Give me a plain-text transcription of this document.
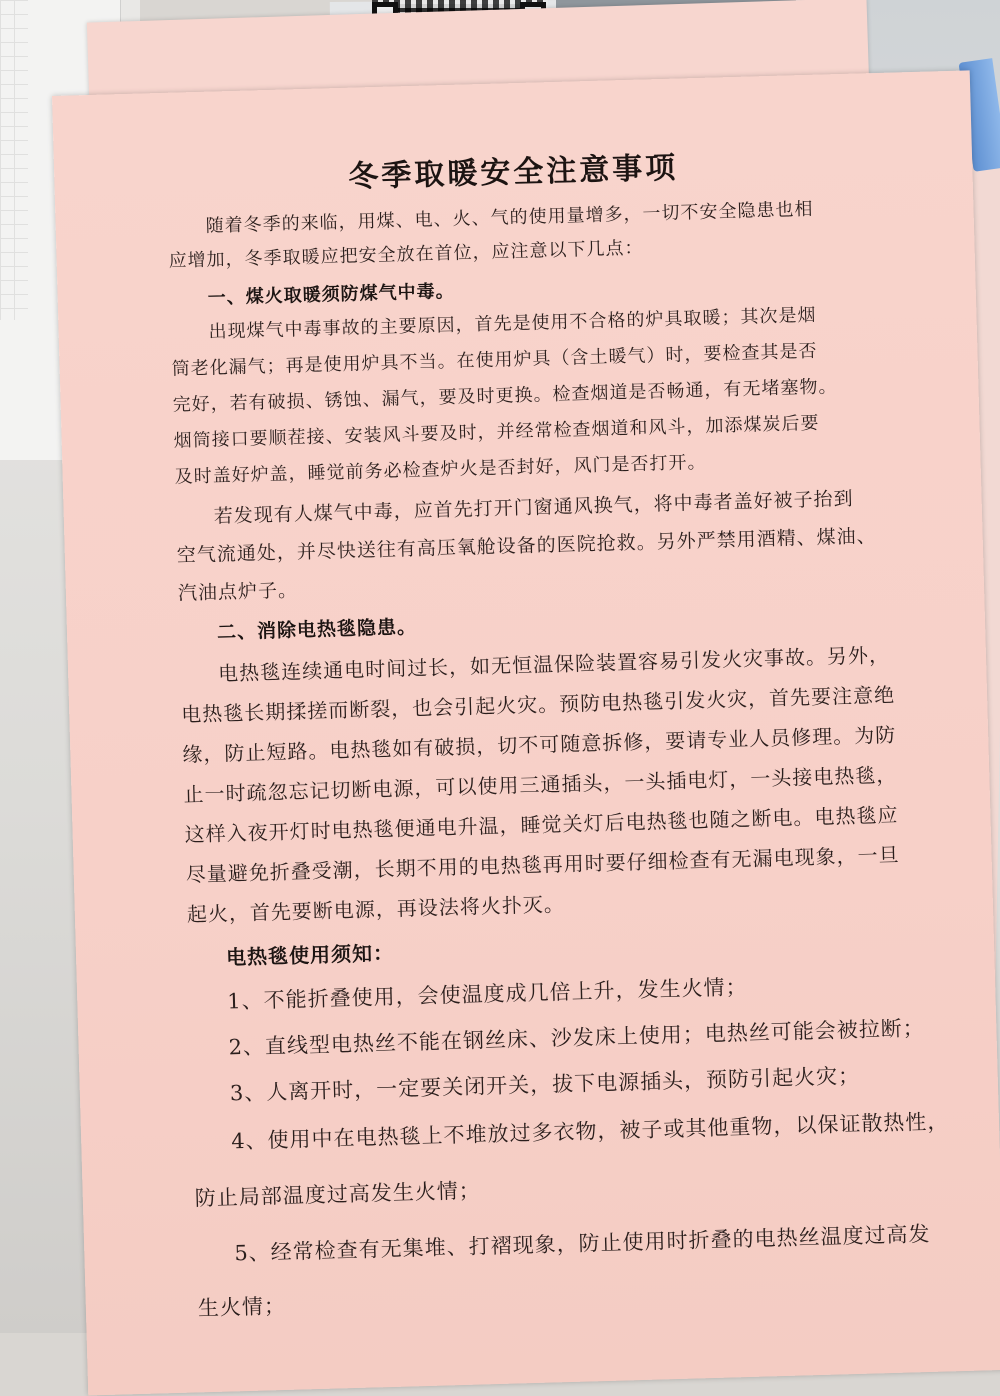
冬季取暖安全注意事项
随着冬季的来临，用煤、电、火、气的使用量增多，一切不安全隐患也相
应增加，冬季取暖应把安全放在首位，应注意以下几点：
一、煤火取暖须防煤气中毒。
出现煤气中毒事故的主要原因，首先是使用不合格的炉具取暖；其次是烟
筒老化漏气；再是使用炉具不当。在使用炉具（含土暖气）时，要检查其是否
完好，若有破损、锈蚀、漏气，要及时更换。检查烟道是否畅通，有无堵塞物。
烟筒接口要顺茬接、安装风斗要及时，并经常检查烟道和风斗，加添煤炭后要
及时盖好炉盖，睡觉前务必检查炉火是否封好，风门是否打开。
若发现有人煤气中毒，应首先打开门窗通风换气，将中毒者盖好被子抬到
空气流通处，并尽快送往有高压氧舱设备的医院抢救。另外严禁用酒精、煤油、
汽油点炉子。
二、消除电热毯隐患。
电热毯连续通电时间过长，如无恒温保险装置容易引发火灾事故。另外，
电热毯长期揉搓而断裂，也会引起火灾。预防电热毯引发火灾，首先要注意绝
缘，防止短路。电热毯如有破损，切不可随意拆修，要请专业人员修理。为防
止一时疏忽忘记切断电源，可以使用三通插头，一头插电灯，一头接电热毯，
这样入夜开灯时电热毯便通电升温，睡觉关灯后电热毯也随之断电。电热毯应
尽量避免折叠受潮，长期不用的电热毯再用时要仔细检查有无漏电现象，一旦
起火，首先要断电源，再设法将火扑灭。
电热毯使用须知：
1、不能折叠使用，会使温度成几倍上升，发生火情；
2、直线型电热丝不能在钢丝床、沙发床上使用；电热丝可能会被拉断；
3、人离开时，一定要关闭开关，拔下电源插头，预防引起火灾；
4、使用中在电热毯上不堆放过多衣物，被子或其他重物，以保证散热性，
防止局部温度过高发生火情；
5、经常检查有无集堆、打褶现象，防止使用时折叠的电热丝温度过高发
生火情；
